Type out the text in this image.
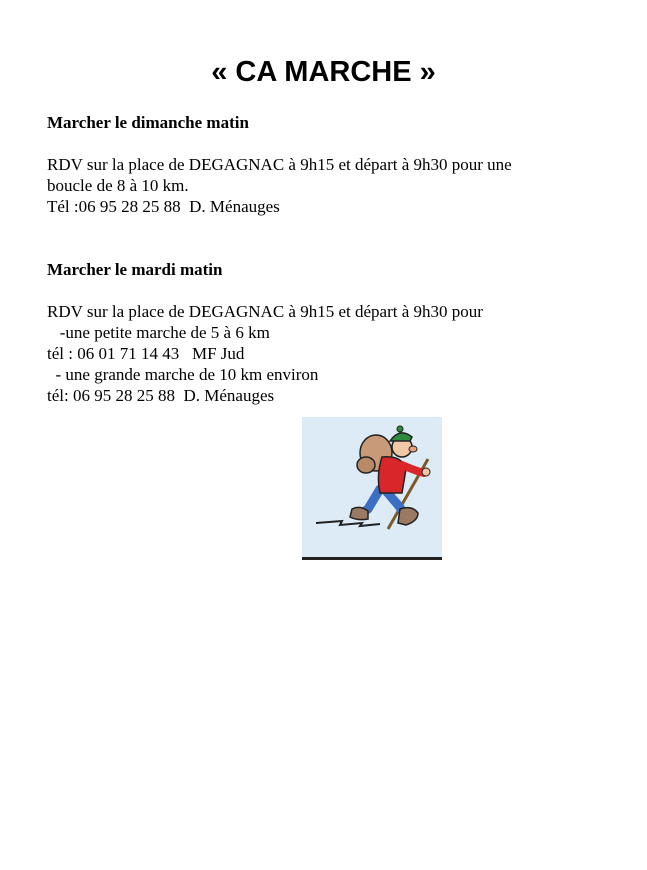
« CA MARCHE »
Marcher le dimanche matin

RDV sur la place de DEGAGNAC à 9h15 et départ à 9h30 pour une

boucle de 8 à 10 km.

Tél :06 95 28 25 88  D. Ménauges

Marcher le mardi matin

RDV sur la place de DEGAGNAC à 9h15 et départ à 9h30 pour

-une petite marche de 5 à 6 km

tél : 06 01 71 14 43   MF Jud

- une grande marche de 10 km environ

tél: 06 95 28 25 88  D. Ménauges
